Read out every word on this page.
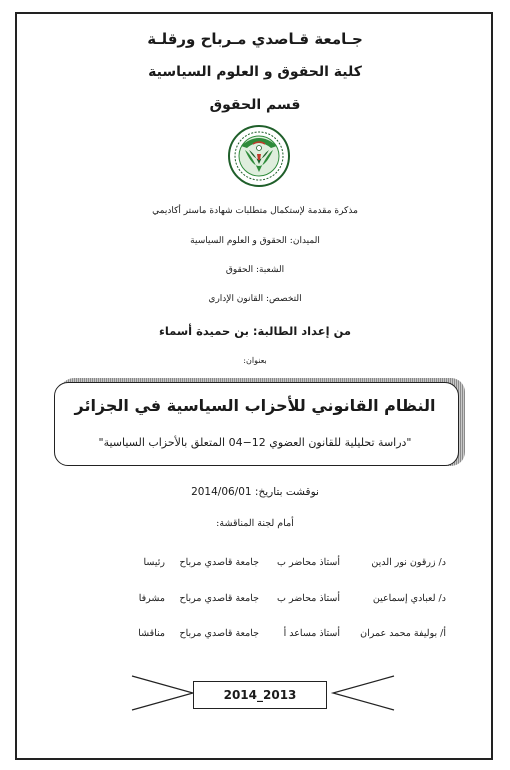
جـامعة قـاصدي مـرباح ورقلـة
كلية الحقوق و العلوم السياسية
قسم الحقوق
مذكرة مقدمة لإستكمال متطلبات شهادة ماستر أكاديمي
الميدان: الحقوق و العلوم السياسية
الشعبة: الحقوق
التخصص: القانون الإداري
من إعداد الطالبة: بن حميدة أسماء
بعنوان:
النظام القانوني للأحزاب السياسية في الجزائر
"دراسة تحليلية للقانون العضوي 12−04 المتعلق بالأحزاب السياسية"
نوقشت بتاريخ: 2014/06/01
أمام لجنة المناقشة:
د/ زرقون نور الدين
أستاذ محاضر ب
جامعة قاصدي مرباح
رئيسا
د/ لعبادي إسماعين
أستاذ محاضر ب
جامعة قاصدي مرباح
مشرفا
أ/ بوليفة محمد عمران
أستاذ مساعد أ
جامعة قاصدي مرباح
مناقشا
2014_2013
